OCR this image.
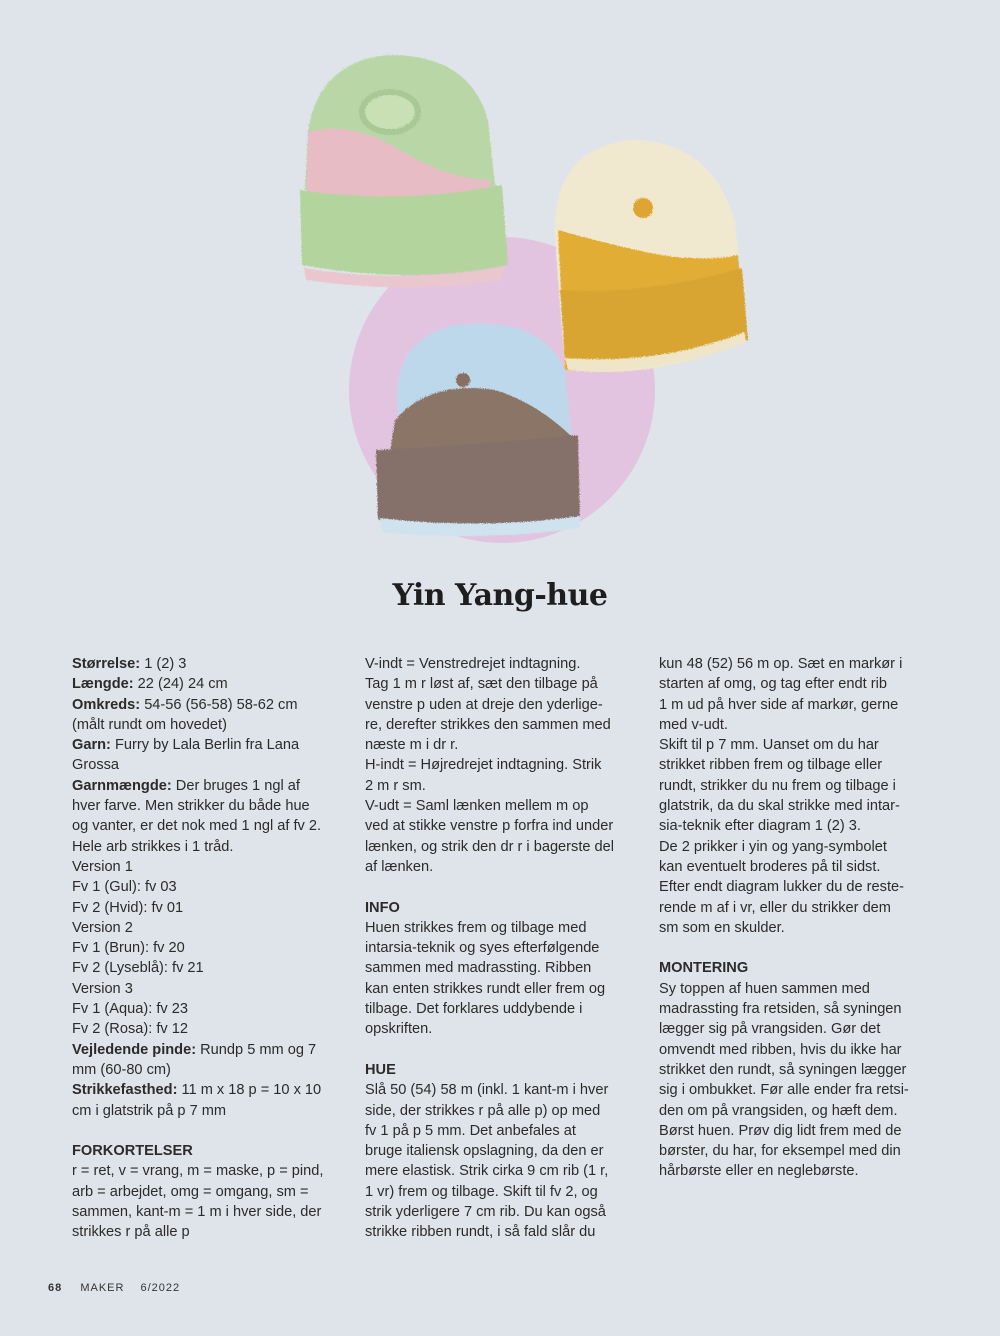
Yin Yang-hue
Størrelse: 1 (2) 3
Længde: 22 (24) 24 cm
Omkreds: 54-56 (56-58) 58-62 cm
(målt rundt om hovedet)
Garn: Furry by Lala Berlin fra Lana
Grossa
Garnmængde: Der bruges 1 ngl af
hver farve. Men strikker du både hue
og vanter, er det nok med 1 ngl af fv 2.
Hele arb strikkes i 1 tråd.
Version 1
Fv 1 (Gul): fv 03
Fv 2 (Hvid): fv 01
Version 2
Fv 1 (Brun): fv 20
Fv 2 (Lyseblå): fv 21
Version 3
Fv 1 (Aqua): fv 23
Fv 2 (Rosa): fv 12
Vejledende pinde: Rundp 5 mm og 7
mm (60-80 cm)
Strikkefasthed: 11 m x 18 p = 10 x 10
cm i glatstrik på p 7 mm
FORKORTELSER
r = ret, v = vrang, m = maske, p = pind,
arb = arbejdet, omg = omgang, sm =
sammen, kant-m = 1 m i hver side, der
strikkes r på alle p
V-indt = Venstredrejet indtagning.
Tag 1 m r løst af, sæt den tilbage på
venstre p uden at dreje den yderlige-
re, derefter strikkes den sammen med
næste m i dr r.
H-indt = Højredrejet indtagning. Strik
2 m r sm.
V-udt = Saml lænken mellem m op
ved at stikke venstre p forfra ind under
lænken, og strik den dr r i bagerste del
af lænken.
INFO
Huen strikkes frem og tilbage med
intarsia-teknik og syes efterfølgende
sammen med madrassting. Ribben
kan enten strikkes rundt eller frem og
tilbage. Det forklares uddybende i
opskriften.
HUE
Slå 50 (54) 58 m (inkl. 1 kant-m i hver
side, der strikkes r på alle p) op med
fv 1 på p 5 mm. Det anbefales at
bruge italiensk opslagning, da den er
mere elastisk. Strik cirka 9 cm rib (1 r,
1 vr) frem og tilbage. Skift til fv 2, og
strik yderligere 7 cm rib. Du kan også
strikke ribben rundt, i så fald slår du
kun 48 (52) 56 m op. Sæt en markør i
starten af omg, og tag efter endt rib
1 m ud på hver side af markør, gerne
med v-udt.
Skift til p 7 mm. Uanset om du har
strikket ribben frem og tilbage eller
rundt, strikker du nu frem og tilbage i
glatstrik, da du skal strikke med intar-
sia-teknik efter diagram 1 (2) 3.
De 2 prikker i yin og yang-symbolet
kan eventuelt broderes på til sidst.
Efter endt diagram lukker du de reste-
rende m af i vr, eller du strikker dem
sm som en skulder.
MONTERING
Sy toppen af huen sammen med
madrassting fra retsiden, så syningen
lægger sig på vrangsiden. Gør det
omvendt med ribben, hvis du ikke har
strikket den rundt, så syningen lægger
sig i ombukket. Før alle ender fra retsi-
den om på vrangsiden, og hæft dem.
Børst huen. Prøv dig lidt frem med de
børster, du har, for eksempel med din
hårbørste eller en neglebørste.
68 MAKER 6/2022
